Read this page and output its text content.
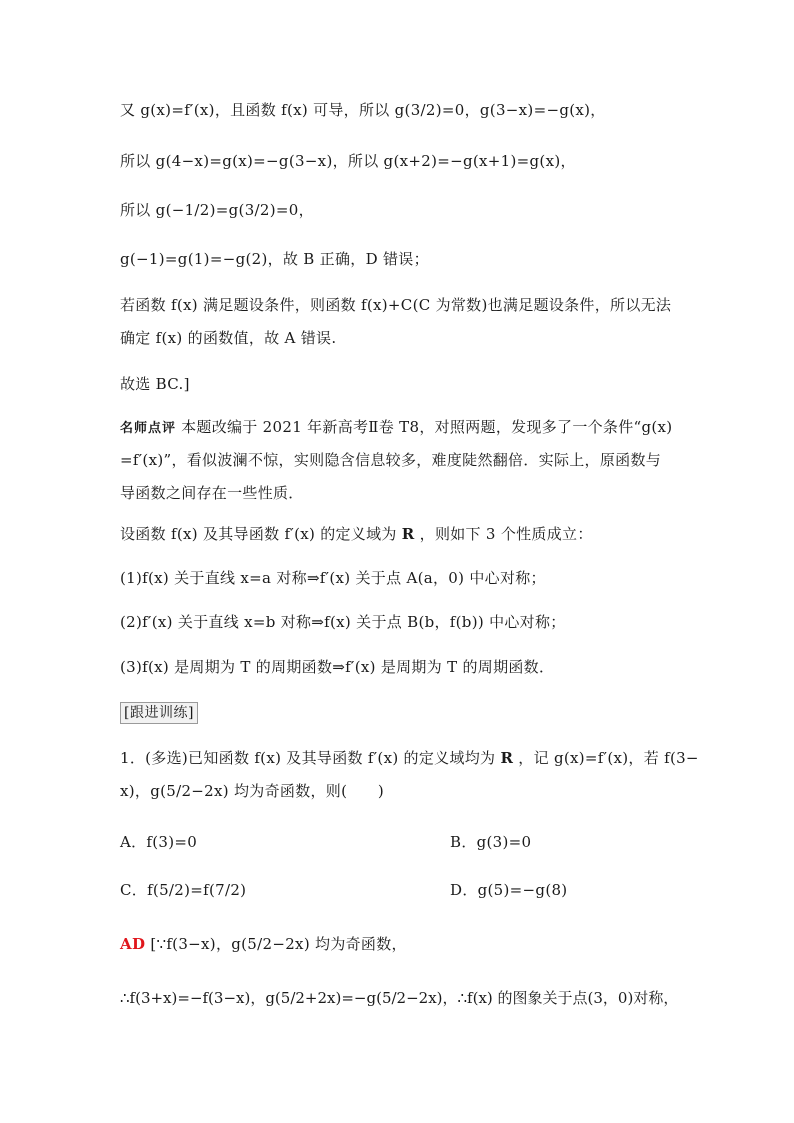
又 g(x)=f′(x)，且函数 f(x) 可导，所以 g(3/2)=0，g(3−x)=−g(x)，
所以 g(4−x)=g(x)=−g(3−x)，所以 g(x+2)=−g(x+1)=g(x)，
所以 g(−1/2)=g(3/2)=0，
g(−1)=g(1)=−g(2)，故 B 正确，D 错误；
若函数 f(x) 满足题设条件，则函数 f(x)+C(C 为常数)也满足题设条件，所以无法
确定 f(x) 的函数值，故 A 错误.
故选 BC.]
名师点评 本题改编于 2021 年新高考Ⅱ卷 T8，对照两题，发现多了一个条件“g(x)
=f′(x)”，看似波澜不惊，实则隐含信息较多，难度陡然翻倍．实际上，原函数与
导函数之间存在一些性质．
设函数 f(x) 及其导函数 f′(x) 的定义域为 R ，则如下 3 个性质成立：
(1)f(x) 关于直线 x=a 对称⇒f′(x) 关于点 A(a，0) 中心对称；
(2)f′(x) 关于直线 x=b 对称⇒f(x) 关于点 B(b，f(b)) 中心对称；
(3)f(x) 是周期为 T 的周期函数⇒f′(x) 是周期为 T 的周期函数．
[跟进训练]
1．(多选)已知函数 f(x) 及其导函数 f′(x) 的定义域均为 R ，记 g(x)=f′(x)，若 f(3−
x)，g(5/2−2x) 均为奇函数，则(　　)
A．f(3)=0	B．g(3)=0
C．f(5/2)=f(7/2)	D．g(5)=−g(8)
AD [∵f(3−x)，g(5/2−2x) 均为奇函数，
∴f(3+x)=−f(3−x)，g(5/2+2x)=−g(5/2−2x)，∴f(x) 的图象关于点(3，0)对称，
